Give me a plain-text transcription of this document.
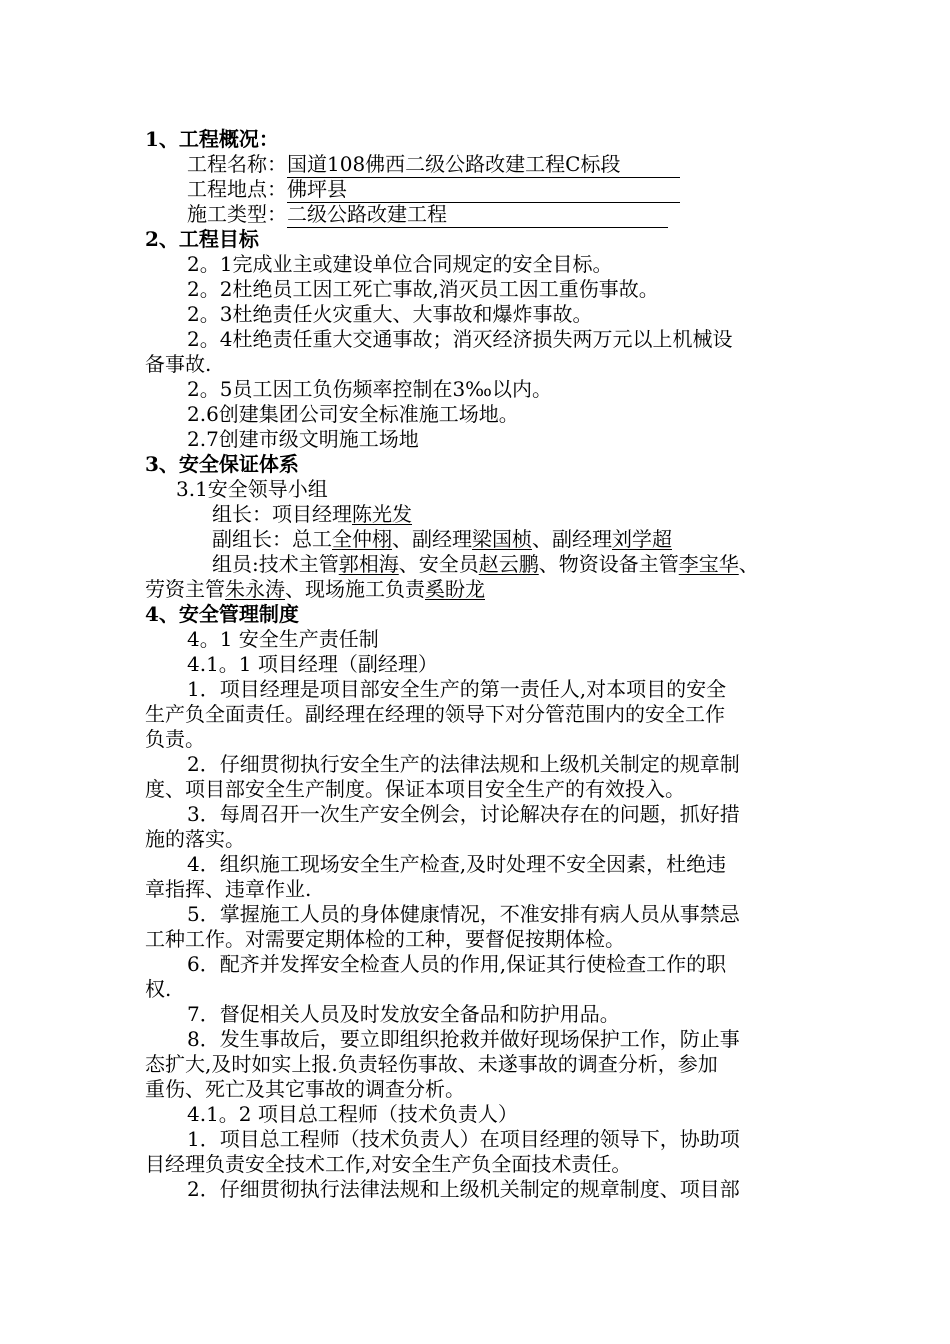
1、工程概况：
工程名称：国道108佛西二级公路改建工程C标段
工程地点：佛坪县
施工类型：二级公路改建工程
2、工程目标
2。1完成业主或建设单位合同规定的安全目标。
2。2杜绝员工因工死亡事故,消灭员工因工重伤事故。
2。3杜绝责任火灾重大、大事故和爆炸事故。
2。4杜绝责任重大交通事故；消灭经济损失两万元以上机械设
备事故.
2。5员工因工负伤频率控制在3‰以内。
2.6创建集团公司安全标准施工场地。
2.7创建市级文明施工场地
3、安全保证体系
3.1安全领导小组
组长：项目经理陈光发
副组长：总工全仲栩、副经理梁国桢、副经理刘学超
组员:技术主管郭相海、安全员赵云鹏、物资设备主管李宝华、
劳资主管朱永涛、现场施工负责奚盼龙
4、安全管理制度
4。1 安全生产责任制
4.1。1 项目经理（副经理）
1．项目经理是项目部安全生产的第一责任人,对本项目的安全
生产负全面责任。副经理在经理的领导下对分管范围内的安全工作
负责。
2．仔细贯彻执行安全生产的法律法规和上级机关制定的规章制
度、项目部安全生产制度。保证本项目安全生产的有效投入。
3．每周召开一次生产安全例会，讨论解决存在的问题，抓好措
施的落实。
4．组织施工现场安全生产检查,及时处理不安全因素，杜绝违
章指挥、违章作业.
5．掌握施工人员的身体健康情况，不准安排有病人员从事禁忌
工种工作。对需要定期体检的工种，要督促按期体检。
6．配齐并发挥安全检查人员的作用,保证其行使检查工作的职
权.
7．督促相关人员及时发放安全备品和防护用品。
8．发生事故后，要立即组织抢救并做好现场保护工作，防止事
态扩大,及时如实上报.负责轻伤事故、未遂事故的调查分析，参加
重伤、死亡及其它事故的调查分析。
4.1。2 项目总工程师（技术负责人）
1．项目总工程师（技术负责人）在项目经理的领导下，协助项
目经理负责安全技术工作,对安全生产负全面技术责任。
2．仔细贯彻执行法律法规和上级机关制定的规章制度、项目部
